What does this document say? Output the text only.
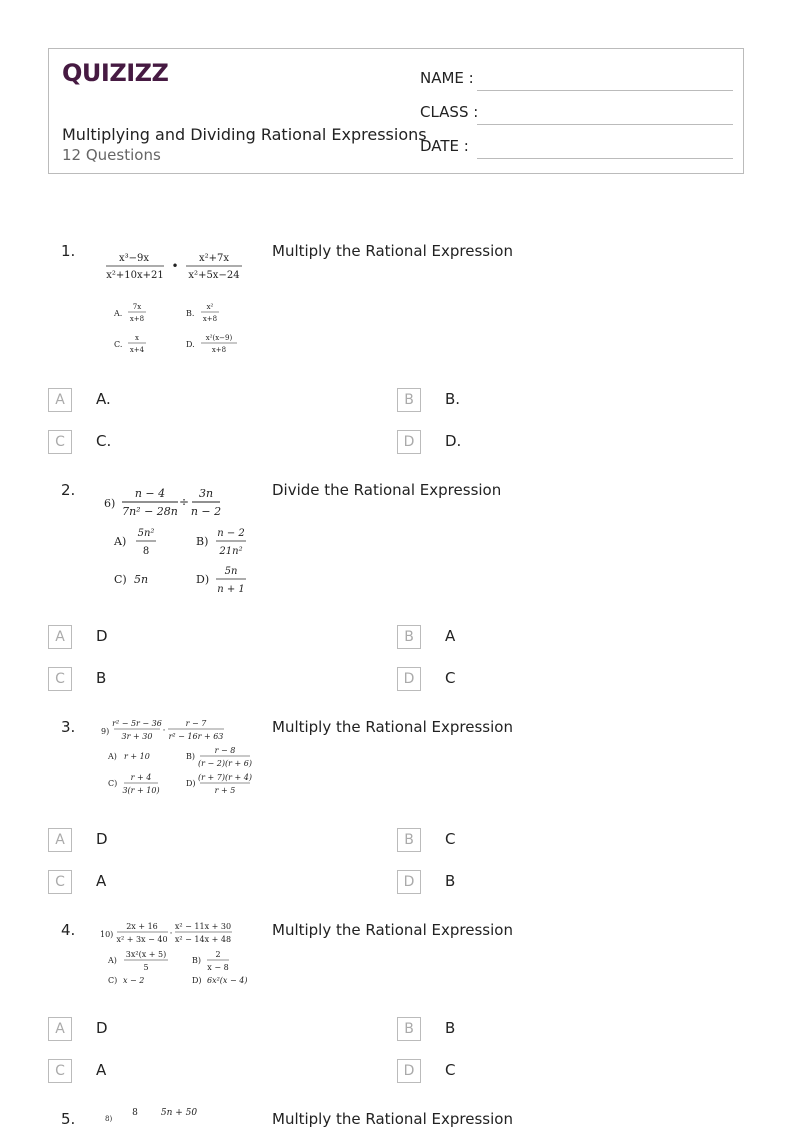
QUIZIZZ
Multiplying and Dividing Rational Expressions
12 Questions
NAME :
CLASS :
DATE :
1.	x³−9x
x²+10x+21
•
x²+7x
x²+5x−24
A.
7x
x+8
B.
x²
x+8
C.
x
x+4
D.
x²(x−9)
x+8
Multiply the Rational Expression
A	A.	B	B.
C	C.	D	D.
2.
6)
n − 4
7n² − 28n
÷
3n
n − 2
A)
5n²
8
B)
n − 2
21n²
C) 5n	D)
5n
n + 1
Divide the Rational Expression
A	D	B	A
C	B	D	C
3.	9)
r² − 5r − 36
3r + 30
·
r − 7
r² − 16r + 63
A) r + 10	B)
r − 8
(r − 2)(r + 6)
C)
r + 4
3(r + 10)
D)
(r + 7)(r + 4)
r + 5
Multiply the Rational Expression
A	D	B	C
C	A	D	B
4.	10)
2x + 16
x² + 3x − 40
·
x² − 11x + 30
x² − 14x + 48
A)
3x²(x + 5)
5
B)
2
x − 8
C) x − 2	D) 6x²(x − 4)
Multiply the Rational Expression
A	D	B	B
C	A	D	C
5.	8)
8	5n + 50	Multiply the Rational Expression
